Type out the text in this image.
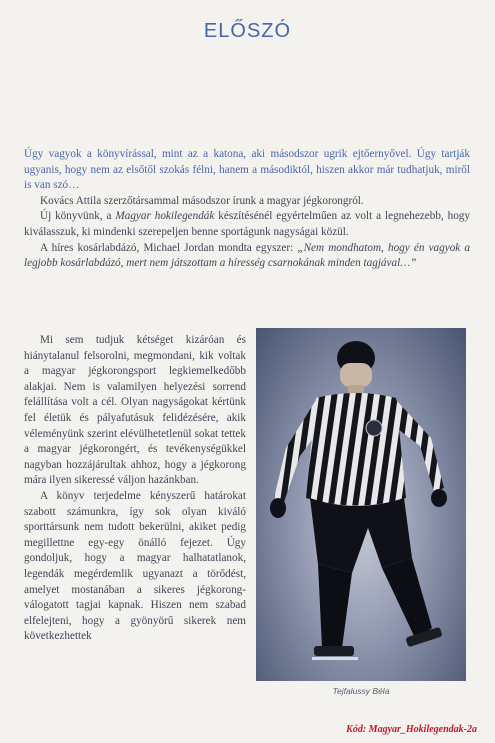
ELŐSZÓ

Úgy vagyok a könyvírással, mint az a katona, aki másodszor ugrik ejtőernyővel. Úgy tartják ugyanis, hogy nem az elsőtől szokás félni, hanem a másodiktól, hiszen akkor már tudhatjuk, miről is van szó…

Kovács Attila szerzőtársammal másodszor írunk a magyar jégkorongról.

Új könyvünk, a Magyar hokilegendák készítésénél egyértelműen az volt a legnehezebb, hogy kiválasszuk, ki mindenki szerepeljen benne sportágunk nagyságai közül.

A híres kosárlabdázó, Michael Jordan mondta egyszer: „Nem mondhatom, hogy én vagyok a legjobb kosárlabdázó, mert nem játszottam a híresség csarnokának minden tagjával…”

Mi sem tudjuk kétséget kizáróan és hiánytalanul felsorolni, megmondani, kik voltak a magyar jégkorongsport legkiemelkedőbb alakjai. Nem is valamilyen helyezési sorrend felállítása volt a cél. Olyan nagyságokat kértünk fel életük és pályafutásuk felidézésére, akik véleményünk szerint elévülhetetlenül sokat tettek a magyar jégkorongért, és tevékenységükkel nagyban hozzájárultak ahhoz, hogy a jégkorong mára ilyen sikeressé váljon hazánkban.

A könyv terjedelme kényszerű határokat szabott számunkra, így sok olyan kiváló sporttársunk nem tudott bekerülni, akiket pedig megillettne egy-egy önálló fejezet. Úgy gondoljuk, hogy a magyar halhatatlanok, legendák megérdemlik ugyanazt a törődést, amelyet mostanában a sikeres jégkorong-válogatott tagjai kapnak. Hiszen nem szabad elfelejteni, hogy a gyönyörű sikerek nem következhettek

Tejfalussy Béla
Kód: Magyar_Hokilegendak-2a
